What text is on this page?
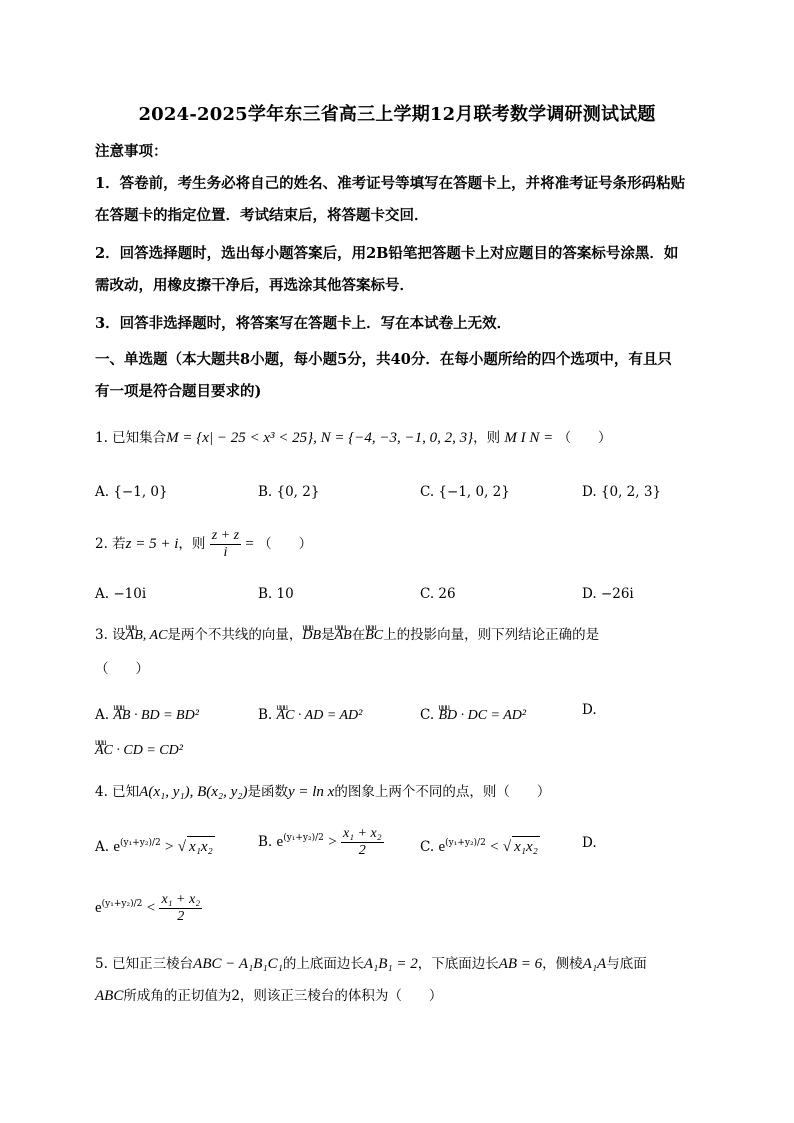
2024-2025学年东三省高三上学期12月联考数学调研测试试题
注意事项：
1．答卷前，考生务必将自己的姓名、准考证号等填写在答题卡上，并将准考证号条形码粘贴
在答题卡的指定位置．考试结束后，将答题卡交回．
2．回答选择题时，选出每小题答案后，用2B铅笔把答题卡上对应题目的答案标号涂黑．如
需改动，用橡皮擦干净后，再选涂其他答案标号．
3．回答非选择题时，将答案写在答题卡上．写在本试卷上无效．
一、单选题（本大题共8小题，每小题5分，共40分．在每小题所给的四个选项中，有且只
有一项是符合题目要求的)
1. 已知集合M = {x| − 25 < x³ < 25}, N = {−4, −3, −1, 0, 2, 3}，则 M I N = （　　）
A. {−1, 0}	B. {0, 2}	C. {−1, 0, 2}	D. {0, 2, 3}
2. 若z = 5 + i，则 $\frac{z + z}{i}$ = （　　）
A. −10i	B. 10	C. 26	D. −26i
3. 设uuu AB, AC是两个不共线的向量，uuu DB是uuu AB在uuu BC上的投影向量，则下列结论正确的是
（　　）
A. uuu AB · BD = BD²	B. uuu AC · AD = AD²	C. uuu BD · DC = AD²	D.
uuu AC · CD = CD²
4. 已知A(x₁, y₁), B(x₂, y₂)是函数y = ln x的图象上两个不同的点，则（　　）
A. $e^{(y_1+y_2)/2}$ > √ x₁x₂	B. $e^{(y_1+y_2)/2} > \frac{\text{x₁ + x₂}}{2}$	C. $e^{(y_1+y_2)/2}$ < √ x₁x₂	D.
$e^{(y_1+y_2)/2} < \frac{\text{x₁ + x₂}}{2}$
5. 已知正三棱台ABC − A₁B₁C₁的上底面边长A₁B₁ = 2，下底面边长AB = 6，侧棱A₁A与底面
ABC所成角的正切值为2，则该正三棱台的体积为（　　）
